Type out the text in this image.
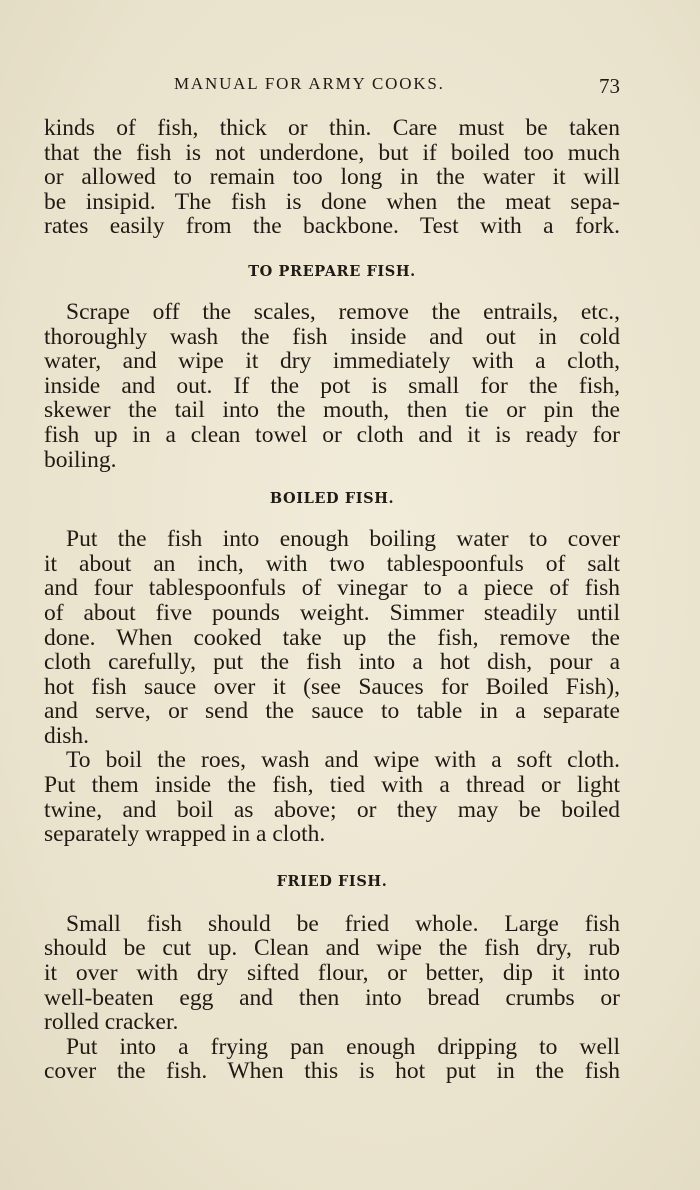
MANUAL FOR ARMY COOKS.	73

kinds of fish, thick or thin. Care must be taken
that the fish is not underdone, but if boiled too much
or allowed to remain too long in the water it will
be insipid. The fish is done when the meat sepa-
rates easily from the backbone. Test with a fork.

TO PREPARE FISH.

Scrape off the scales, remove the entrails, etc.,
thoroughly wash the fish inside and out in cold
water, and wipe it dry immediately with a cloth,
inside and out. If the pot is small for the fish,
skewer the tail into the mouth, then tie or pin the
fish up in a clean towel or cloth and it is ready for
boiling.

BOILED FISH.

Put the fish into enough boiling water to cover
it about an inch, with two tablespoonfuls of salt
and four tablespoonfuls of vinegar to a piece of fish
of about five pounds weight. Simmer steadily until
done. When cooked take up the fish, remove the
cloth carefully, put the fish into a hot dish, pour a
hot fish sauce over it (see Sauces for Boiled Fish),
and serve, or send the sauce to table in a separate
dish.

To boil the roes, wash and wipe with a soft cloth.
Put them inside the fish, tied with a thread or light
twine, and boil as above; or they may be boiled
separately wrapped in a cloth.

FRIED FISH.

Small fish should be fried whole. Large fish
should be cut up. Clean and wipe the fish dry, rub
it over with dry sifted flour, or better, dip it into
well-beaten egg and then into bread crumbs or
rolled cracker.

Put into a frying pan enough dripping to well
cover the fish. When this is hot put in the fish
